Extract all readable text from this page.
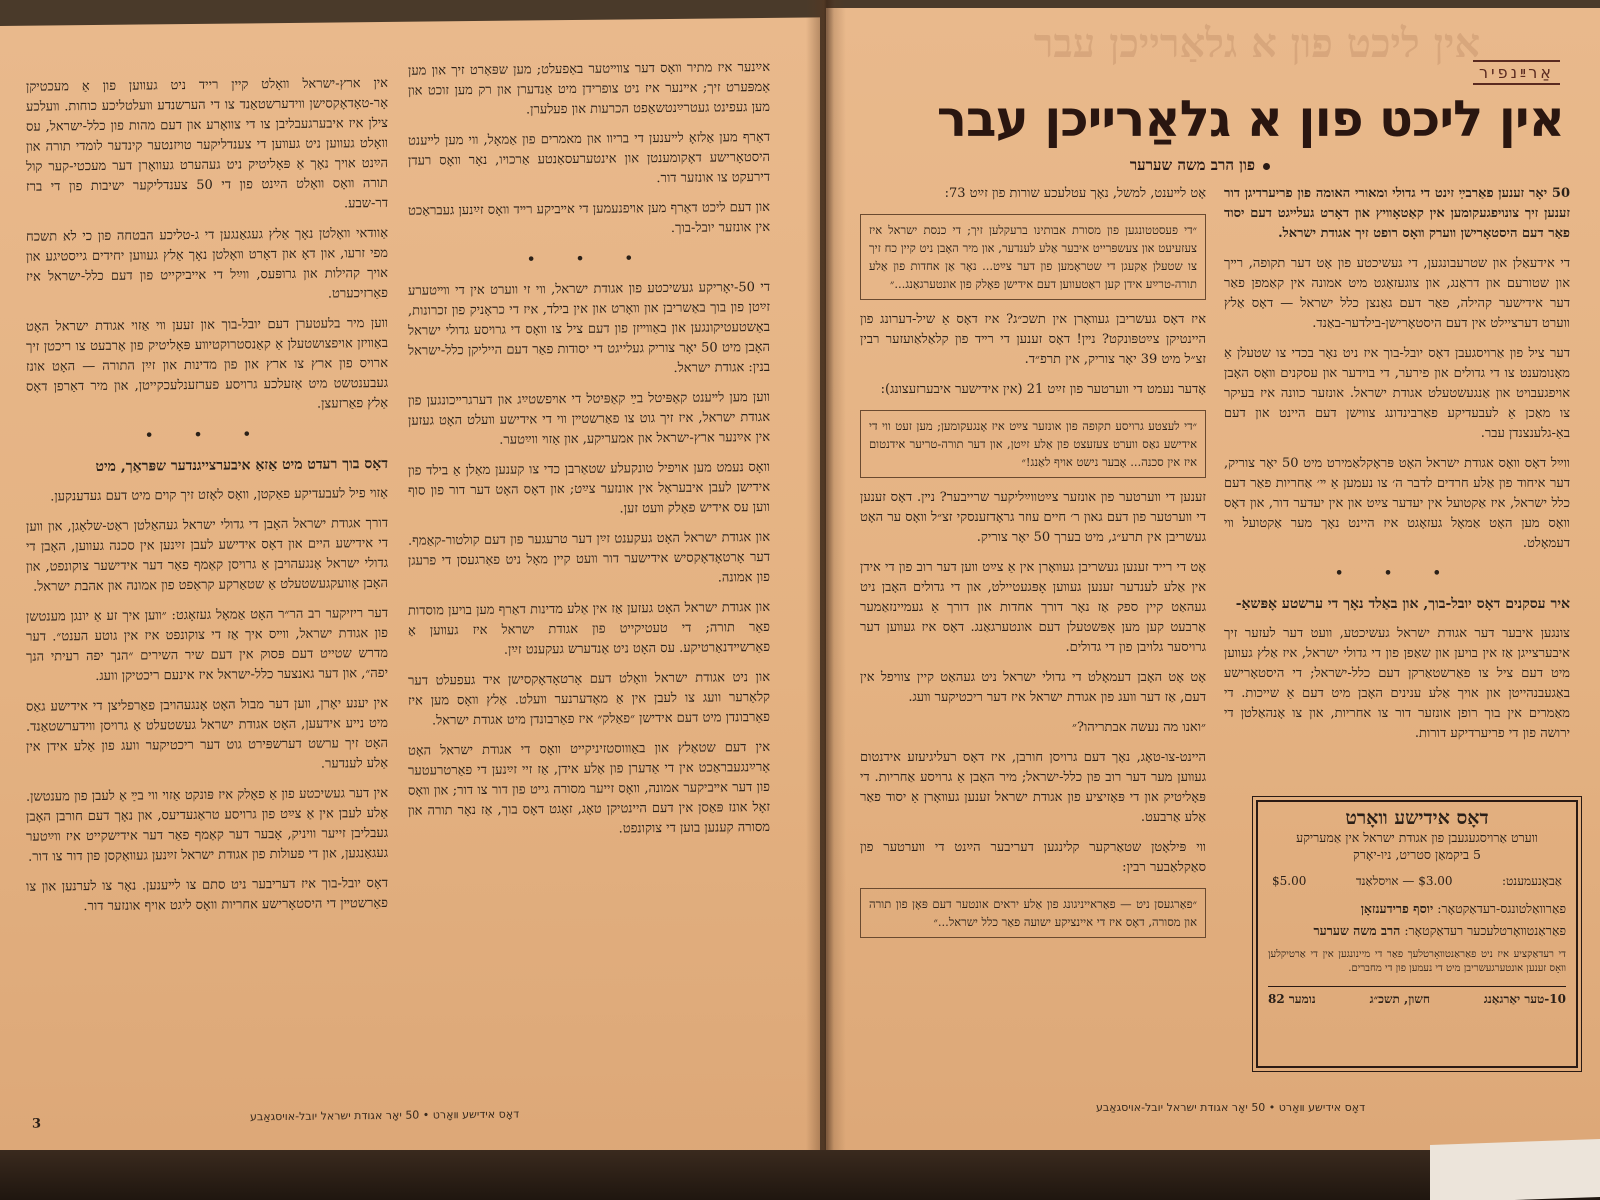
אײַנער איז מתיר װאָס דער צװײטער באַפעלט; מען שפּאַרט זיך און מען אַמפּערט זיך; אײנער איז ניט צופרידן מיט אַנדערן און רק מען זוכט און מען געפינט געטרײַנטשאַפט הכרעות און פעלערן.

דאַרף מען אַלזאָ לײענען די בריװ און מאמרים פון אַמאָל, װי מען לײענט היסטאָרישע דאָקומענטן און אינטערעסאַנטע אַרכױו, נאָר װאָס רעדן דירעקט צו אונזער דור.

און דעם ליכט דאַרף מען אױפנעמען די אײביקע רײד װאָס זײַנען געבראַכט אין אונזער יובל-בוך.

• • •

די 50-יאָריקע געשיכטע פון אגודת ישראל, װי זי װערט אין די װײטערע זײַטן פון בוך באַשריבן און װאָרט און אין בילד, איז די כראָניק פון זכרונות, באַשטעטיקונגען און באַװײזן פון דעם ציל צו װאָס די גרױסע גדולי ישראל האָבן מיט 50 יאָר צוריק געלייגט די יסודות פאַר דעם הייליקן כלל-ישראל בנין: אגודת ישראל.

װען מען לײענט קאַפּיטל בײַ קאַפּיטל די אױפשטײַג און דערגרײכונגען פון אגודת ישראל, איז זיך גוט צו פאַרשטײן װי די אידישע װעלט האָט געזען אין אײַנער ארץ-ישראל און אמעריקע, און אַזױ װײַטער.

װאָס נעמט מען אױפיל טונקעלע שטאַרבן כדי צו קענען מאַלן אַ בילד פון אידישן לעבן איבעראַל אין אונזער צײַט; און דאָס האָט דער דור פון סוף ווען עס אידיש פאַלק װעט זען.

און אגודת ישראל האָט געקענט זײַן דער טרעגער פון דעם קולטור-קאַמף. דער אָרטאָדאָקסיש אידישער דור װעט קיין מאָל ניט פאַרגעסן די פרעגן פון אמונה.

און אגודת ישראל האָט געזען אַז אין אַלע מדינות דאַרף מען בויען מוסדות פאַר תורה; די טעטיקייט פון אגודת ישראל איז געװען אַ פאַרשײדנאַרטיקע. עס האָט ניט אַנדערש געקענט זײַן.

און ניט אגודת ישראל װאָלט דעם אָרטאָדאָקסישן איד געפעלט דער קלאַרער וועג צו לעבן אין אַ מאָדערנער װעלט. אַלץ װאָס מען איז פאַרבונדן מיט דעם אידישן ״פאַלק״ איז פאַרבונדן מיט אגודת ישראל.

אין דעם שטאַלץ און באַװוסטזיניקייט װאָס די אגודת ישראל האָט אַרײַנגעבראַכט אין די אַדערן פון אַלע אידן, אַז זיי זײַנען די פאַרטרעטער פון דער אײביקער אמונה, װאָס זייער מסורה גייט פון דור צו דור; און װאָס זאָל אונז פּאַסן אין דעם היינטיקן טאָג, זאָגט דאָס בוך, אַז נאָר תורה און מסורה קענען בוען די צוקונפט.

אין ארץ-ישראל װאָלט קיין רייד ניט געװען פון אַ מעכטיקן אָר-טאָדאָקסישן װידערשטאַנד צו די הערשנדע װעלטליכע כוחות. װעלכע צילן איז איבערגעבליבן צו די צװאָרע און דעם מהות פון כלל-ישראל, עס װאָלט געװען ניט געװען די צענדליקער טויזנטער קינדער לומדי תורה און הײַנט אויך נאָך אַ פּאָליטיק ניט געהערט געװאָרן דער מעכטי-קער קול תורה װאָס װאָלט הײַנט פון די 50 צענדליקער ישיבות פון די ברז דר-שבע.

אַוודאי װאָלטן נאָך אַלץ געגאַנגען די ג-טליכע הבטחה פון כי לא תשכח מפי זרעו, און דאָ און דאָרט װאָלטן נאָך אַלץ געװען יחידים גייסטיגע און אויך קהילות און גרופּעס, װײַל די אייביקייט פון דעם כלל-ישראל איז פאַרזיכערט.

װען מיר בלעטערן דעם יובל-בוך און זעען װי אַזוי אגודת ישראל האָט באַװיזן אויפצושטעלן אַ קאַנסטרוקטיװע פּאָליטיק פון אַרבעט צו ריכטן זיך ארויס פון ארץ צו ארץ און פון מדינות און זײַן התורה — האָט אונז געבענטשט מיט אַזעלכע גרויסע פערזענלעכקייטן, און מיר דאַרפן דאָס אַלץ פאַרזעצן.

• • •

דאָס בוך רעדט מיט אַזאַ איבערצייגנדער שפּראַך, מיט

אַזוי פיל לעבעדיקע פאַקטן, װאָס לאָזט זיך קוים מיט דעם געדענקען.

דורך אגודת ישראל האָבן די גדולי ישראל געהאַלטן ראַט-שלאַגן, און װען די אידישע היים און דאָס אידישע לעבן זײַנען אין סכנה געװען, האָבן די גדולי ישראל אָנגעהויבן אַ גרויסן קאַמף פאַר דער אידישער צוקונפט, און האָבן אַוועקגעשטעלט אַ שטאַרקע קראַפט פון אמונה און אהבת ישראל.

דער ריזיקער רב הר״ר האָט אַמאָל געזאָגט: ״װען איך זע אַ יונגן מענטשן פון אגודת ישראל, װײס איך אַז די צוקונפט איז אין גוטע הענט״. דער מדרש שטייט דעם פּסוק אין דעם שיר השירים ״הנך יפה רעיתי הנך יפה״, און דער גאנצער כלל-ישראל איז אינעם ריכטיקן וועג.

אין יענע יאָרן, װען דער מבול האָט אָנגעהויבן פאַרפליצן די אידישע גאַס מיט נייע אידעען, האָט אגודת ישראל געשטעלט אַ גרויסן װידערשטאַנד. האָט זיך ערשט דערשפּירט גוט דער ריכטיקער וועג פון אַלע אידן אין אַלע לענדער.

אין דער געשיכטע פון אַ פאָלק איז פּונקט אַזוי ווי בײַ אַ לעבן פון מענטשן. אַלע לעבן אין אַ צײַט פון גרויסע טראַגעדיעס, און נאָך דעם חורבן האָבן געבליבן זייער וויניק, אָבער דער קאַמף פאַר דער אידישקייט איז װײַטער געגאַנגען, און די פעולות פון אגודת ישראל זײַנען געװאַקסן פון דור צו דור.

דאָס יובל-בוך איז דעריבער ניט סתם צו לײענען. נאָר צו לערנען און צו פאַרשטײן די היסטאָרישע אחריות װאָס ליגט אויף אונזער דור.

דאָס אידישע װאָרט • 50 יאָר אגודת ישראל יובל-אויסגאַבע
3
אין ליכט פון א גלאַרייכן עבר
אַרײַנפיר
אין ליכט פון א גלאַרייכן עבר
פון הרב משה שערער

50 יאָר זענען פאַרבײַ זינט די גדולי ומאורי האומה פון פריערדיגן דור זענען זיך צונויפגעקומען אין קאַטאָװיץ און דאָרט געלייגט דעם יסוד פאַר דעם היסטאָרישן װערק װאָס רופט זיך אגודת ישראל.

די אידעאַלן און שטרעבונגען, די געשיכטע פון אָט דער תקופה, רײך און שטורעם און דראַנג, און צוגעזאָגט מיט אמונה אין קאַמפן פאַר דער אידישער קהילה, פאַר דעם גאַנצן כלל ישראל — דאָס אַלץ װערט דערציילט אין דעם היסטאָרישן-בילדער-באַנד.

דער ציל פון אַרויסגעבן דאָס יובל-בוך איז ניט נאָר בכדי צו שטעלן אַ מאָנומענט צו די גדולים און פירער, די בוידער און עסקנים װאָס האָבן אויפגעבויט און אַנגעשטעלט אגודת ישראל. אונזער כוונה איז בעיקר צו מאַכן אַ לעבעדיקע פאַרבינדונג צווישן דעם היינט און דעם באַ-גלענצנדן עבר.

װײַל דאָס װאָס אגודת ישראל האָט פּראָקלאַמירט מיט 50 יאָר צוריק, דער איחוד פון אַלע חרדים לדבר ה׳ צו נעמען אַ ײ׳ אַחריות פאַר דעם כלל ישראל, איז אַקטועל אין יעדער צײַט און אין יעדער דור, און דאָס װאָס מען האָט אַמאָל געזאָגט איז היינט נאָך מער אַקטועל װי דעמאָלט.

• • •

איר עסקנים דאָס יובל-בוך, און באַלד נאָך די ערשטע אָפּשאַ-

צונגען איבער דער אגודת ישראל געשיכטע, װעט דער לעזער זיך איבערצייגן אַז אין בויען און שאַפן פון די גדולי ישראל, איז אַלץ געװען מיט דעם ציל צו פאַרשטאַרקן דעם כלל-ישראל; די היסטאָרישע באַגעבנהייטן און אויך אַלע ענינים האָבן מיט דעם אַ שייכות. די מאַמרים אין בוך רופן אונזער דור צו אחריות, און צו אָנהאַלטן די ירושה פון די פריערדיקע דורות.

אָט לײענט, למשל, נאָך עטלעכע שורות פון זײַט 73:

״די פעסטטונגען פון מסורת אבותינו ברעקלען זיך; די כנסת ישראל איז צעזעיעט און צעשפּרייט איבער אַלע לענדער, און מיר האָבן ניט קיין כח זיך צו שטעלן אַקעגן די שטראָמען פון דער צײַט... נאָר אַן אחדות פון אַלע תורה-טרײַע אידן קען ראַטעווען דעם אידישן פאָלק פון אונטערגאַנג...״

איז דאָס געשריבן געװאָרן אין תשכ״ג? איז דאָס אַ שיל-דערונג פון היינטיקן צײַטפּונקט? נײן! דאָס זענען די רײד פון קלאַלאַועזער רבין זצ״ל מיט 39 יאָר צוריק, אין תרפ״ד.

אָדער נעמט די װערטער פון זײַט 21 (אין אידישער איבערזעצונג):

״די לעצטע גרויסע תקופה פון אונזער צײַט איז אָנגעקומען; מען זעט ווי די אידישע גאַס ווערט צעזעצט פון אַלע זײַטן, און דער תורה-טריער אידנטום איז אין סכנה... אָבער נישט אויף לאַנג!״

זענען די װערטער פון אונזער צײַטװײַליקער שרייבער? נײן. דאָס זענען די װערטער פון דעם גאון ר׳ חיים עוזר גראָדזענסקי זצ״ל װאָס ער האָט געשריבן אין תרע״ג, מיט בערך 50 יאָר צוריק.

אָט די רייד זענען געשריבן געװאָרן אין אַ צײַט װען דער רוב פון די אידן אין אַלע לענדער זענען געװען אָפּגעטיילט, און די גדולים האָבן ניט געהאַט קיין ספק אַז נאָר דורך אחדות און דורך אַ געמיינזאַמער אַרבעט קען מען אָפּשטעלן דעם אונטערגאַנג. דאָס איז געװען דער גרויסער גלויבן פון די גדולים.

אָט אָט האָבן דעמאָלט די גדולי ישראל ניט געהאַט קיין צוויפל אין דעם, אַז דער װעג פון אגודת ישראל איז דער ריכטיקער װעג.

״ואנו מה נעשה אבתריהו?״

היינט-צו-טאָג, נאָך דעם גרויסן חורבן, איז דאָס רעליגיעזע אידנטום געװען מער דער רוב פון כלל-ישראל; מיר האָבן אַ גרויסע אַחריות. די פּאָליטיק און די פּאָזיציע פון אגודת ישראל זענען געװאָרן אַ יסוד פאַר אַלע אַרבעט.

װי פּילאָטן שטאַרקער קלינגען דעריבער הײַנט די װערטער פון סאַקלאַבער רבין:

״פאַרגעסן ניט — פאַראייניגונג פון אַלע יראים אונטער דעם פּאָן פון תורה און מסורה, דאָס איז די איינציקע ישועה פאַר כלל ישראל...״
דאָס אידישע װאָרט
װערט אַרויסגעגעבן פון אגודת ישראל אין אַמעריקע
5 ביקמאַן סטריט, ניו-יאָרק
אַבאָנעמענט:
$3.00 — אויסלאַנד
$5.00
פאַרװאַלטונגס-רעדאַקטאָר: יוסף פרידענזאָן
פאַראַנטװאָרטלעכער רעדאַקטאָר: הרב משה שערער
די רעדאַקציע איז ניט פאַראַנטװאָרטלעך פאַר די מיינונגען אין די אַרטיקלען װאָס זענען אונטערגעשריבן מיט די נעמען פון די מחברים.
10-טער יאַרגאַנג
חשון, תשכ״ג
נומער 82
דאָס אידישע װאָרט • 50 יאָר אגודת ישראל יובל-אויסגאַבע
